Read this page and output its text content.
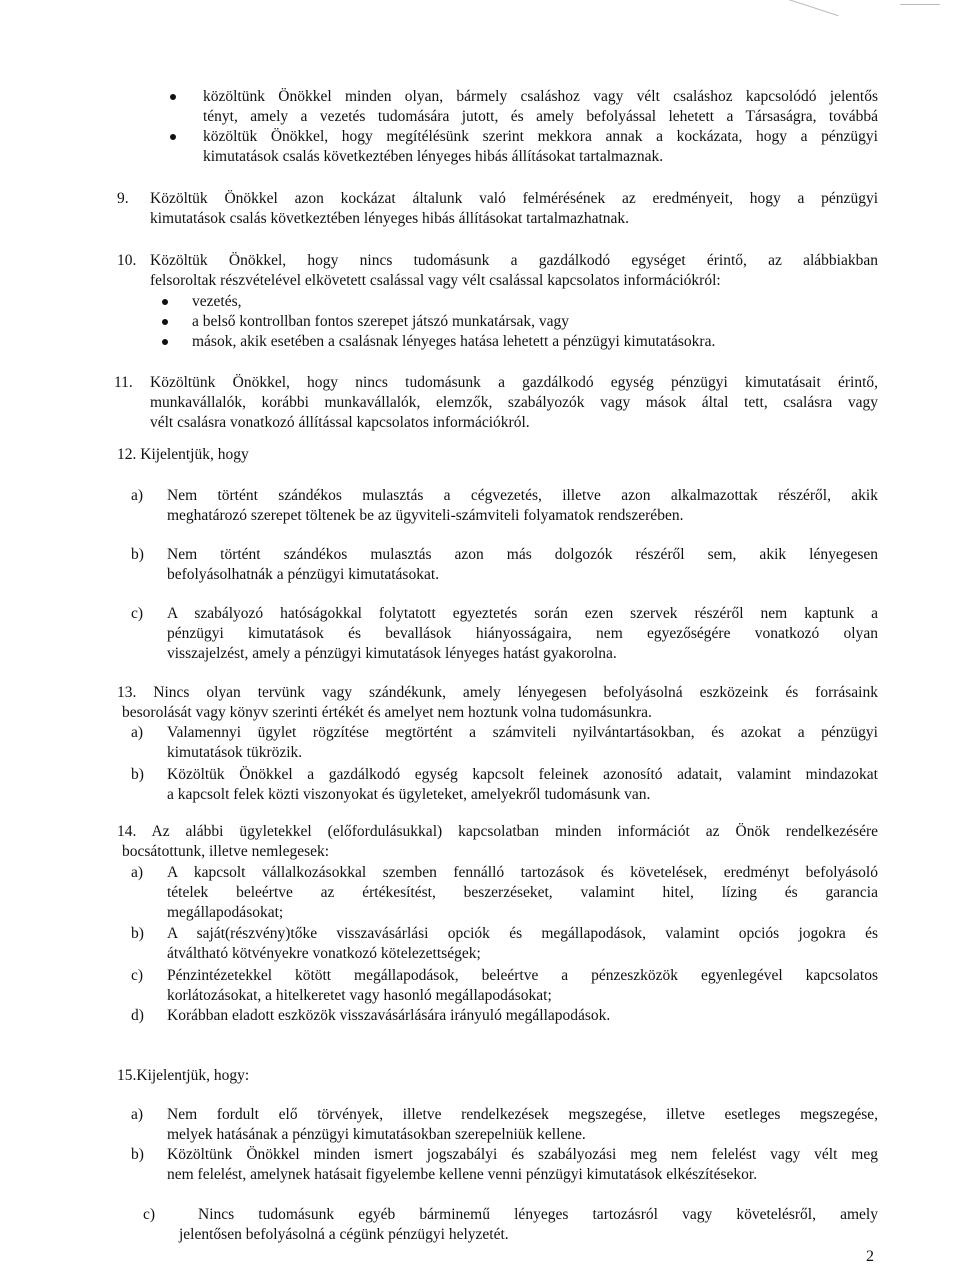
közöltünk Önökkel minden olyan, bármely csaláshoz vagy vélt csaláshoz kapcsolódó jelentős
tényt, amely a vezetés tudomására jutott, és amely befolyással lehetett a Társaságra, továbbá
közöltük Önökkel, hogy megítélésünk szerint mekkora annak a kockázata, hogy a pénzügyi
kimutatások csalás következtében lényeges hibás állításokat tartalmaznak.
9. Közöltük Önökkel azon kockázat általunk való felmérésének az eredményeit, hogy a pénzügyi
kimutatások csalás következtében lényeges hibás állításokat tartalmazhatnak.
10. Közöltük Önökkel, hogy nincs tudomásunk a gazdálkodó egységet érintő, az alábbiakban
felsoroltak részvételével elkövetett csalással vagy vélt csalással kapcsolatos információkról:
vezetés,
a belső kontrollban fontos szerepet játszó munkatársak, vagy
mások, akik esetében a csalásnak lényeges hatása lehetett a pénzügyi kimutatásokra.
11. Közöltünk Önökkel, hogy nincs tudomásunk a gazdálkodó egység pénzügyi kimutatásait érintő,
munkavállalók, korábbi munkavállalók, elemzők, szabályozók vagy mások által tett, csalásra vagy
vélt csalásra vonatkozó állítással kapcsolatos információkról.
12. Kijelentjük, hogy
a) Nem történt szándékos mulasztás a cégvezetés, illetve azon alkalmazottak részéről, akik
meghatározó szerepet töltenek be az ügyviteli-számviteli folyamatok rendszerében.
b) Nem történt szándékos mulasztás azon más dolgozók részéről sem, akik lényegesen
befolyásolhatnák a pénzügyi kimutatásokat.
c) A szabályozó hatóságokkal folytatott egyeztetés során ezen szervek részéről nem kaptunk a
pénzügyi kimutatások és bevallások hiányosságaira, nem egyezőségére vonatkozó olyan
visszajelzést, amely a pénzügyi kimutatások lényeges hatást gyakorolna.
13. Nincs olyan tervünk vagy szándékunk, amely lényegesen befolyásolná eszközeink és forrásaink
besorolását vagy könyv szerinti értékét és amelyet nem hoztunk volna tudomásunkra.
a) Valamennyi ügylet rögzítése megtörtént a számviteli nyilvántartásokban, és azokat a pénzügyi
kimutatások tükrözik.
b) Közöltük Önökkel a gazdálkodó egység kapcsolt feleinek azonosító adatait, valamint mindazokat
a kapcsolt felek közti viszonyokat és ügyleteket, amelyekről tudomásunk van.
14. Az alábbi ügyletekkel (előfordulásukkal) kapcsolatban minden információt az Önök rendelkezésére
bocsátottunk, illetve nemlegesek:
a) A kapcsolt vállalkozásokkal szemben fennálló tartozások és követelések, eredményt befolyásoló
tételek beleértve az értékesítést, beszerzéseket, valamint hitel, lízing és garancia
megállapodásokat;
b) A saját(részvény)tőke visszavásárlási opciók és megállapodások, valamint opciós jogokra és
átváltható kötvényekre vonatkozó kötelezettségek;
c) Pénzintézetekkel kötött megállapodások, beleértve a pénzeszközök egyenlegével kapcsolatos
korlátozásokat, a hitelkeretet vagy hasonló megállapodásokat;
d) Korábban eladott eszközök visszavásárlására irányuló megállapodások.
15.Kijelentjük, hogy:
a) Nem fordult elő törvények, illetve rendelkezések megszegése, illetve esetleges megszegése,
melyek hatásának a pénzügyi kimutatásokban szerepelniük kellene.
b) Közöltünk Önökkel minden ismert jogszabályi és szabályozási meg nem felelést vagy vélt meg
nem felelést, amelynek hatásait figyelembe kellene venni pénzügyi kimutatások elkészítésekor.
c)	Nincs tudomásunk egyéb bárminemű lényeges tartozásról vagy követelésről, amely
jelentősen befolyásolná a cégünk pénzügyi helyzetét.
2
